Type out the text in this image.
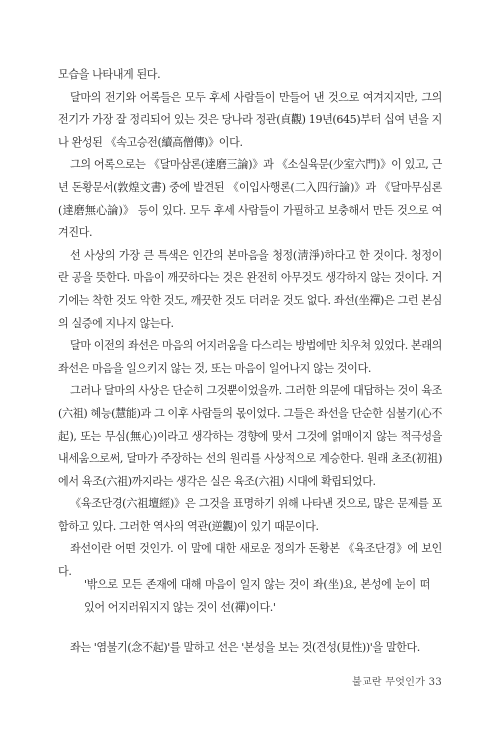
모습을 나타내게 된다.

달마의 전기와 어록들은 모두 후세 사람들이 만들어 낸 것으로 여겨지지만, 그의 전기가 가장 잘 정리되어 있는 것은 당나라 정관(貞觀) 19년(645)부터 십여 년을 지나 완성된 《속고승전(續高僧傳)》이다.

그의 어록으로는 《달마삼론(達磨三論)》과 《소실육문(少室六門)》이 있고, 근년 돈황문서(敦煌文書) 중에 발견된 《이입사행론(二入四行論)》과 《달마무심론(達磨無心論)》 등이 있다. 모두 후세 사람들이 가필하고 보충해서 만든 것으로 여겨진다.

선 사상의 가장 큰 특색은 인간의 본마음을 청정(淸淨)하다고 한 것이다. 청정이란 공을 뜻한다. 마음이 깨끗하다는 것은 완전히 아무것도 생각하지 않는 것이다. 거기에는 착한 것도 악한 것도, 깨끗한 것도 더러운 것도 없다. 좌선(坐禪)은 그런 본심의 실증에 지나지 않는다.

달마 이전의 좌선은 마음의 어지러움을 다스리는 방법에만 치우쳐 있었다. 본래의 좌선은 마음을 일으키지 않는 것, 또는 마음이 일어나지 않는 것이다.

그러나 달마의 사상은 단순히 그것뿐이었을까. 그러한 의문에 대답하는 것이 육조(六祖) 혜능(慧能)과 그 이후 사람들의 몫이었다. 그들은 좌선을 단순한 심불기(心不起), 또는 무심(無心)이라고 생각하는 경향에 맞서 그것에 얽매이지 않는 적극성을 내세움으로써, 달마가 주장하는 선의 원리를 사상적으로 계승한다. 원래 초조(初祖)에서 육조(六祖)까지라는 생각은 실은 육조(六祖) 시대에 확립되었다.

《육조단경(六祖壇經)》은 그것을 표명하기 위해 나타낸 것으로, 많은 문제를 포함하고 있다. 그러한 역사의 역관(逆觀)이 있기 때문이다.

좌선이란 어떤 것인가. 이 말에 대한 새로운 정의가 돈황본 《육조단경》에 보인다.

'밖으로 모든 존재에 대해 마음이 일지 않는 것이 좌(坐)요, 본성에 눈이 떠 있어 어지러워지지 않는 것이 선(禪)이다.'
좌는 '염불기(念不起)'를 말하고 선은 '본성을 보는 것(견성(見性))'을 말한다.
불교란 무엇인가 33
